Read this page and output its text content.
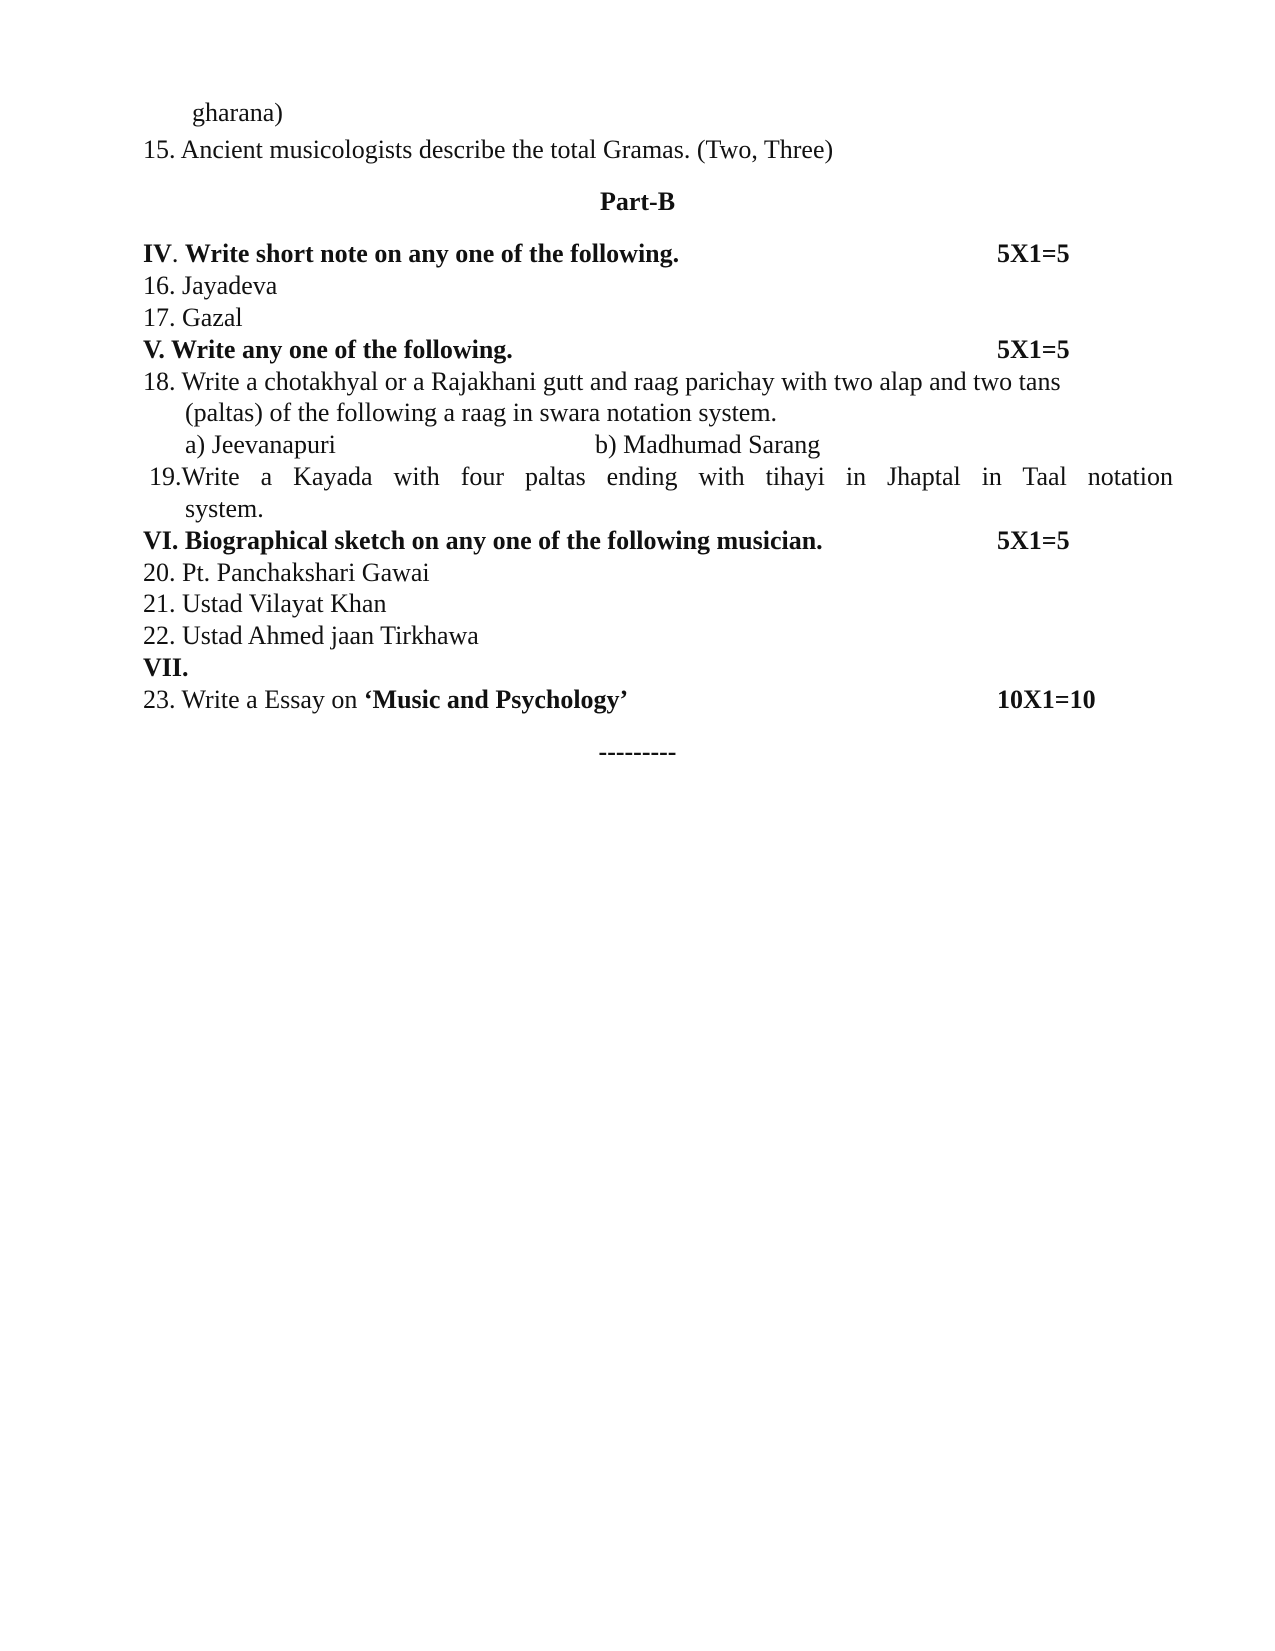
gharana)
15. Ancient musicologists describe the total Gramas. (Two, Three)
Part-B
IV. Write short note on any one of the following.	5X1=5
16. Jayadeva
17. Gazal
V. Write any one of the following.	5X1=5
18. Write a chotakhyal or a Rajakhani gutt and raag parichay with two alap and two tans
(paltas) of the following a raag in swara notation system.
a) Jeevanapuri	b) Madhumad Sarang
19.Write a Kayada with four paltas ending with tihayi in Jhaptal in Taal notation
system.
VI. Biographical sketch on any one of the following musician.	5X1=5
20. Pt. Panchakshari Gawai
21. Ustad Vilayat Khan
22. Ustad Ahmed jaan Tirkhawa
VII.
23. Write a Essay on ‘Music and Psychology’	10X1=10
---------
